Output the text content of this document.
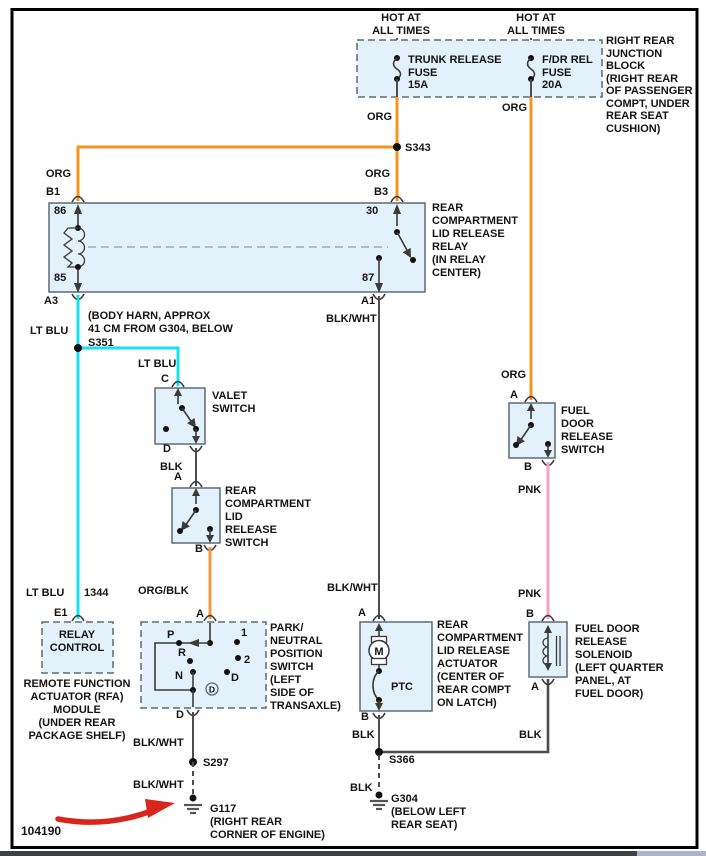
HOT AT
ALL TIMES
HOT AT
ALL TIMES
TRUNK RELEASE
FUSE
15A
F/DR REL
FUSE
20A
RIGHT REAR
JUNCTION
BLOCK
(RIGHT REAR
OF PASSENGER
COMPT, UNDER
REAR SEAT
CUSHION)
S343
ORG
ORG
ORG	ORG
ORG
B1	B3
86	30
85	87
A3	A1
REAR
COMPARTMENT
LID RELEASE
RELAY
(IN RELAY
CENTER)
LT BLU
(BODY HARN, APPROX
41 CM FROM G304, BELOW
S351
LT BLU
LT BLU 1344
C
D
VALET
SWITCH
BLK
A
B
REAR
COMPARTMENT
LID
RELEASE
SWITCH
ORG/BLK
A
D
P	1
R
2
N	D
D
PARK/
NEUTRAL
POSITION
SWITCH
(LEFT
SIDE OF
TRANSAXLE)
E1
RELAY
CONTROL
REMOTE FUNCTION
ACTUATOR (RFA)
MODULE
(UNDER REAR
PACKAGE SHELF)
BLK/WHT
S297
BLK/WHT
G117
(RIGHT REAR
CORNER OF ENGINE)
BLK/WHT
BLK/WHT
A
M
PTC
B
REAR
COMPARTMENT
LID RELEASE
ACTUATOR
(CENTER OF
REAR COMPT
ON LATCH)
BLK	BLK
S366
BLK
G304
(BELOW LEFT
REAR SEAT)
A
B
FUEL
DOOR
RELEASE
SWITCH
PNK
PNK
B
A
FUEL DOOR
RELEASE
SOLENOID
(LEFT QUARTER
PANEL, AT
FUEL DOOR)
104190
